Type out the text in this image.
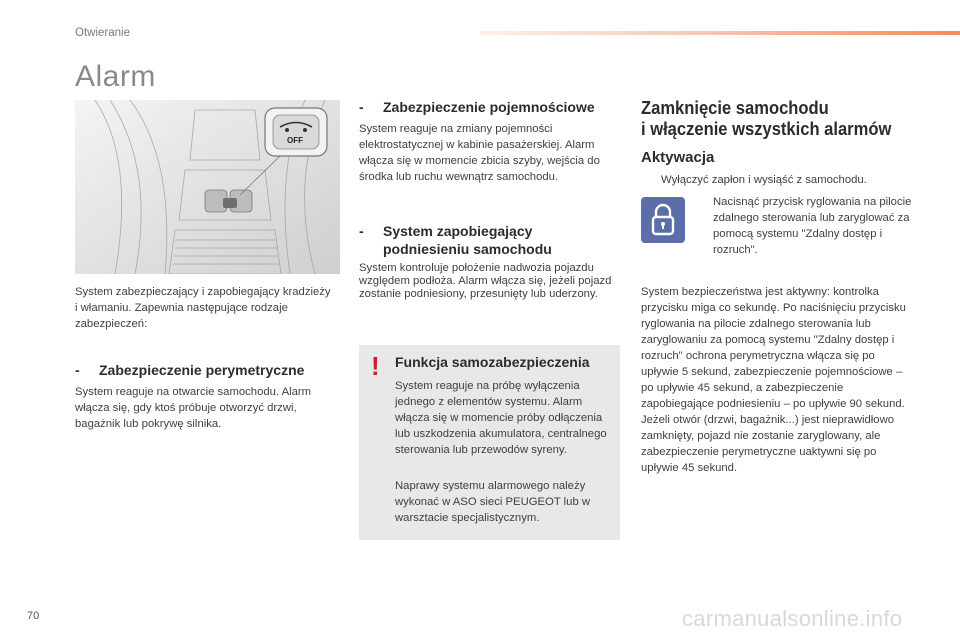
Otwieranie
Alarm
OFF
System zabezpieczający i zapobiegający kradzieży i włamaniu. Zapewnia następujące rodzaje zabezpieczeń:
- Zabezpieczenie perymetryczne
System reaguje na otwarcie samochodu. Alarm włącza się, gdy ktoś próbuje otworzyć drzwi, bagażnik lub pokrywę silnika.
- Zabezpieczenie pojemnościowe
System reaguje na zmiany pojemności elektrostatycznej w kabinie pasażerskiej. Alarm włącza się w momencie zbicia szyby, wejścia do środka lub ruchu wewnątrz samochodu.
- System zapobiegający
podniesieniu samochodu
System kontroluje położenie nadwozia pojazdu względem podłoża. Alarm włącza się, jeżeli pojazd zostanie podniesiony, przesunięty lub uderzony.
! Funkcja samozabezpieczenia
System reaguje na próbę wyłączenia jednego z elementów systemu. Alarm włącza się w momencie próby odłączenia lub uszkodzenia akumulatora, centralnego sterowania lub przewodów syreny.
Naprawy systemu alarmowego należy wykonać w ASO sieci PEUGEOT lub w warsztacie specjalistycznym.
Zamknięcie samochodu
i włączenie wszystkich alarmów
Aktywacja
Wyłączyć zapłon i wysiąść z samochodu.
Nacisnąć przycisk ryglowania na pilocie zdalnego sterowania lub zaryglować za pomocą systemu "Zdalny dostęp i rozruch".
System bezpieczeństwa jest aktywny: kontrolka przycisku miga co sekundę. Po naciśnięciu przycisku ryglowania na pilocie zdalnego sterowania lub zaryglowaniu za pomocą systemu "Zdalny dostęp i rozruch" ochrona perymetryczna włącza się po upływie 5 sekund, zabezpieczenie pojemnościowe – po upływie 45 sekund, a zabezpieczenie zapobiegające podniesieniu – po upływie 90 sekund. Jeżeli otwór (drzwi, bagażnik...) jest nieprawidłowo zamknięty, pojazd nie zostanie zaryglowany, ale zabezpieczenie perymetryczne uaktywni się po upływie 45 sekund.
70	carmanualsonline.info
